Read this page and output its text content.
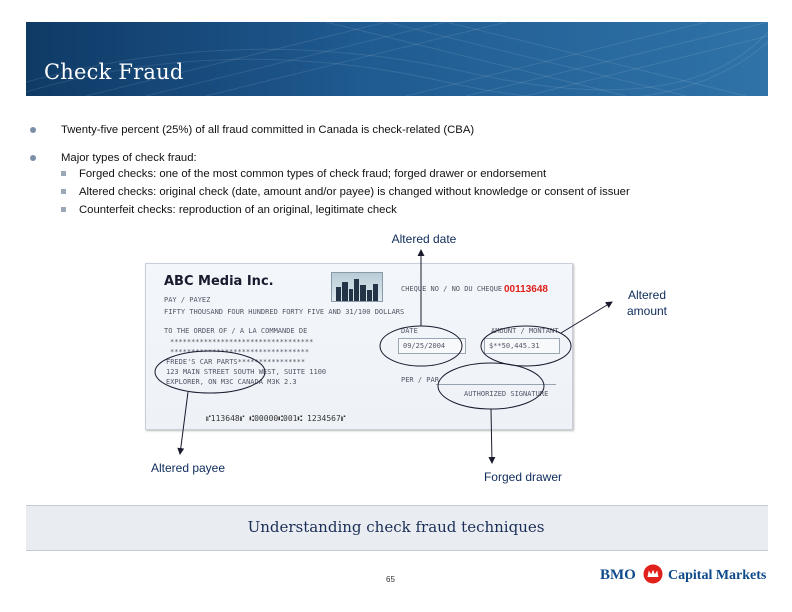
Check Fraud
Twenty-five percent (25%) of all fraud committed in Canada is check-related (CBA)
Major types of check fraud:
Forged checks: one of the most common types of check fraud; forged drawer or endorsement
Altered checks: original check (date, amount and/or payee) is changed without knowledge or consent of issuer
Counterfeit checks: reproduction of an original, legitimate check
Altered date
Altered
amount
Altered payee
Forged drawer
ABC Media Inc.	CHEQUE NO / NO DU CHEQUE 00113648
PAY / PAYEZ
FIFTY THOUSAND FOUR HUNDRED FORTY FIVE AND 31/100 DOLLARS
TO THE ORDER OF / A LA COMMANDE DE	DATE	AMOUNT / MONTANT
09/25/2004	$**50,445.31
**********************************
*********************************
FREDE'S CAR PARTS****************
123 MAIN STREET SOUTH WEST, SUITE 1100
EXPLORER, ON M3C CANADA M3K 2.3	PER / PAR
AUTHORIZED SIGNATURE
⑈113648⑈ ⑆00000⑆001⑆ 1234567⑈
Understanding check fraud techniques
65	BMO Capital Markets
